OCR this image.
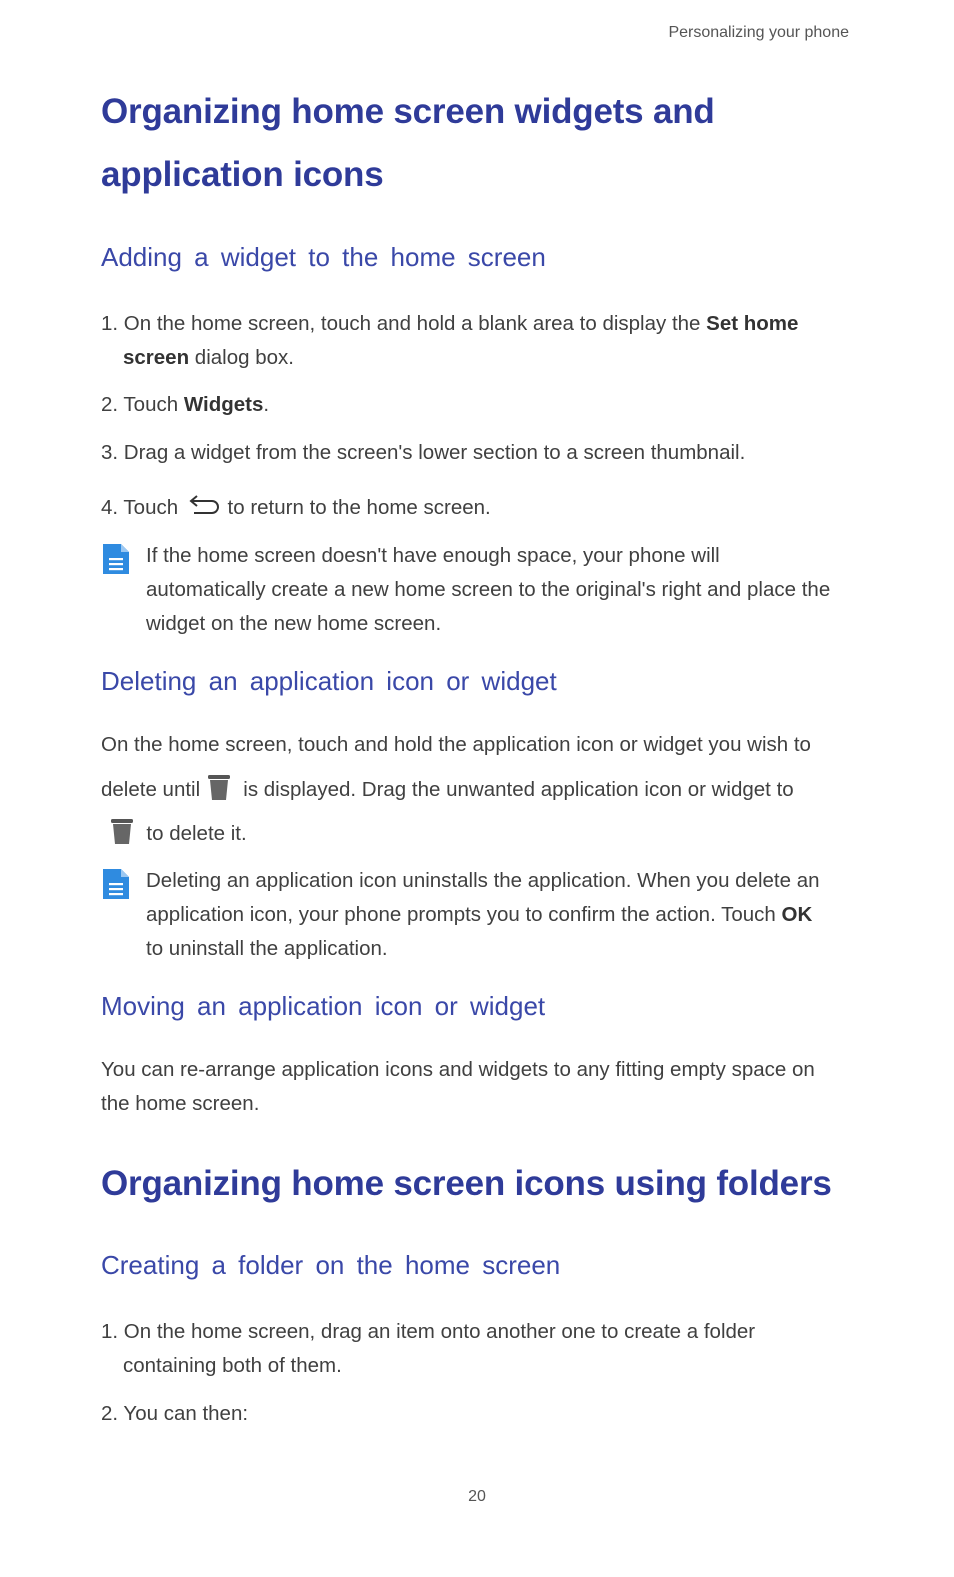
Personalizing your phone
Organizing home screen widgets and
application icons
Adding a widget to the home screen
1. On the home screen, touch and hold a blank area to display the Set home
screen dialog box.
2. Touch Widgets.
3. Drag a widget from the screen's lower section to a screen thumbnail.
4. Touch  to return to the home screen.
If the home screen doesn't have enough space, your phone will
automatically create a new home screen to the original's right and place the
widget on the new home screen.
Deleting an application icon or widget
On the home screen, touch and hold the application icon or widget you wish to
delete until   is displayed. Drag the unwanted application icon or widget to
to delete it.
Deleting an application icon uninstalls the application. When you delete an
application icon, your phone prompts you to confirm the action. Touch OK
to uninstall the application.
Moving an application icon or widget
You can re-arrange application icons and widgets to any fitting empty space on
the home screen.
Organizing home screen icons using folders
Creating a folder on the home screen
1. On the home screen, drag an item onto another one to create a folder
containing both of them.
2. You can then:
20
